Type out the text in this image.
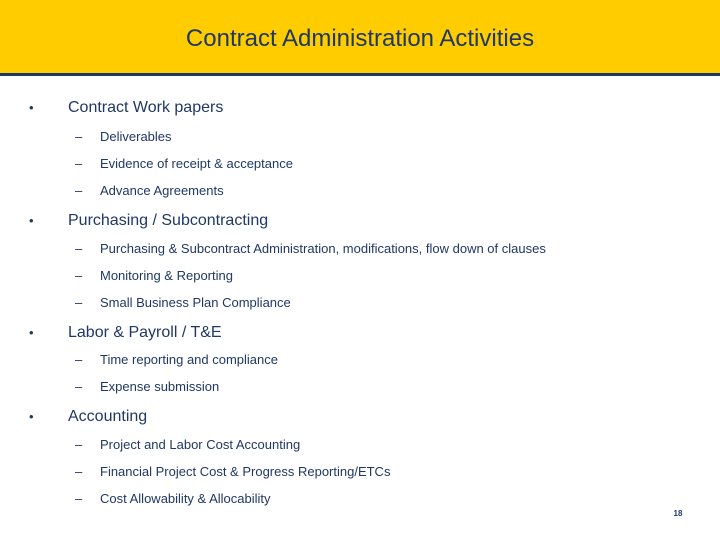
Contract Administration Activities
• Contract Work papers
– Deliverables
– Evidence of receipt & acceptance
– Advance Agreements
• Purchasing / Subcontracting
– Purchasing & Subcontract Administration, modifications, flow down of clauses
– Monitoring & Reporting
– Small Business Plan Compliance
• Labor & Payroll / T&E
– Time reporting and compliance
– Expense submission
• Accounting
– Project and Labor Cost Accounting
– Financial Project Cost & Progress Reporting/ETCs
– Cost Allowability & Allocability
18
